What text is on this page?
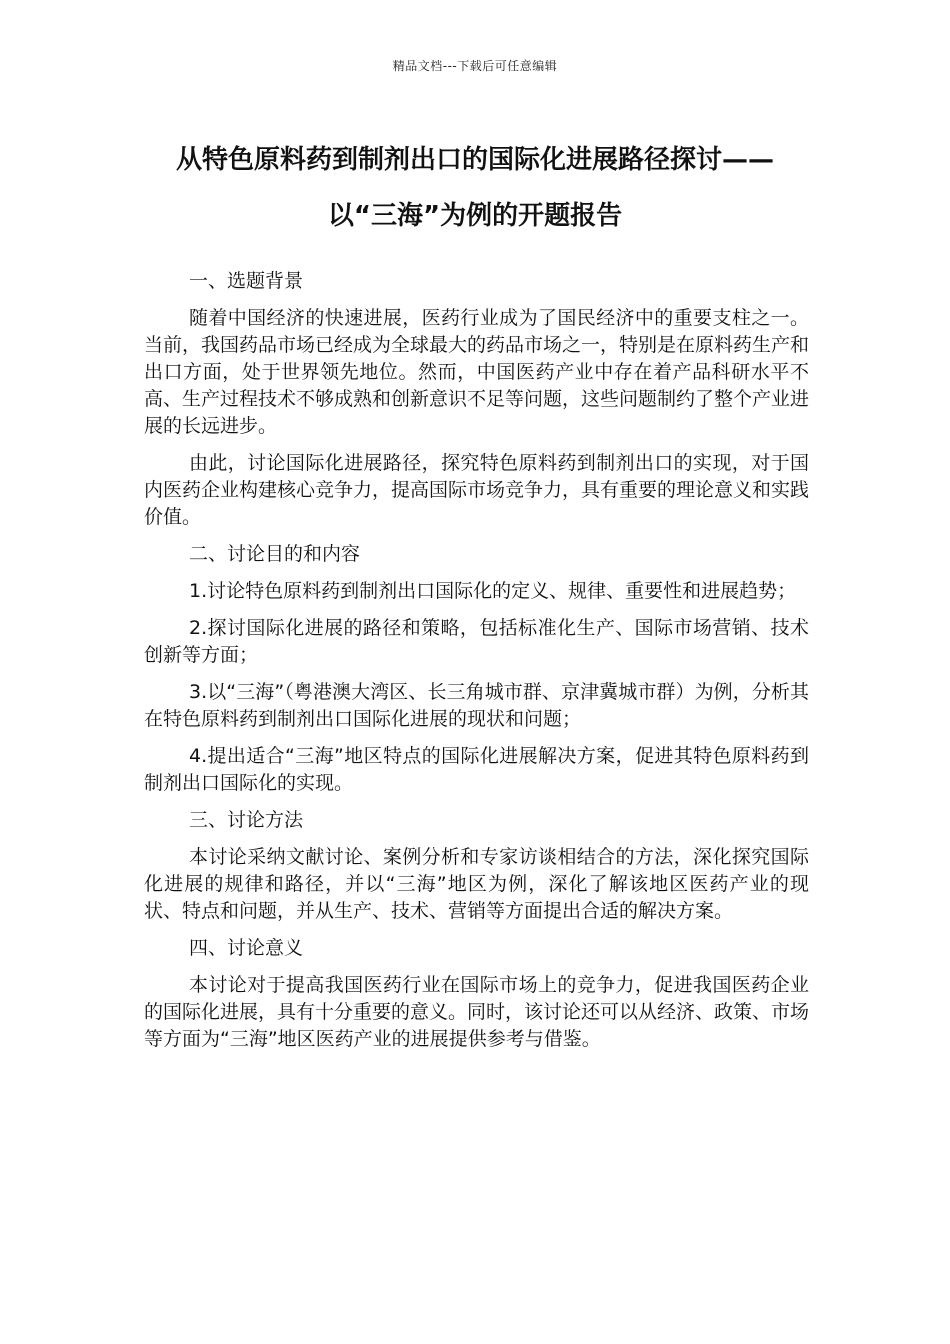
精品文档---下载后可任意编辑
从特色原料药到制剂出口的国际化进展路径探讨——
以“三海”为例的开题报告

一、选题背景

随着中国经济的快速进展，医药行业成为了国民经济中的重要支柱之一。当前，我国药品市场已经成为全球最大的药品市场之一，特别是在原料药生产和出口方面，处于世界领先地位。然而，中国医药产业中存在着产品科研水平不高、生产过程技术不够成熟和创新意识不足等问题，这些问题制约了整个产业进展的长远进步。

由此，讨论国际化进展路径，探究特色原料药到制剂出口的实现，对于国内医药企业构建核心竞争力，提高国际市场竞争力，具有重要的理论意义和实践价值。

二、讨论目的和内容

1.讨论特色原料药到制剂出口国际化的定义、规律、重要性和进展趋势；

2.探讨国际化进展的路径和策略，包括标准化生产、国际市场营销、技术创新等方面；

3.以“三海”（粤港澳大湾区、长三角城市群、京津冀城市群）为例，分析其在特色原料药到制剂出口国际化进展的现状和问题；

4.提出适合“三海”地区特点的国际化进展解决方案，促进其特色原料药到制剂出口国际化的实现。

三、讨论方法

本讨论采纳文献讨论、案例分析和专家访谈相结合的方法，深化探究国际化进展的规律和路径，并以“三海”地区为例，深化了解该地区医药产业的现状、特点和问题，并从生产、技术、营销等方面提出合适的解决方案。

四、讨论意义

本讨论对于提高我国医药行业在国际市场上的竞争力，促进我国医药企业的国际化进展，具有十分重要的意义。同时，该讨论还可以从经济、政策、市场等方面为“三海”地区医药产业的进展提供参考与借鉴。
